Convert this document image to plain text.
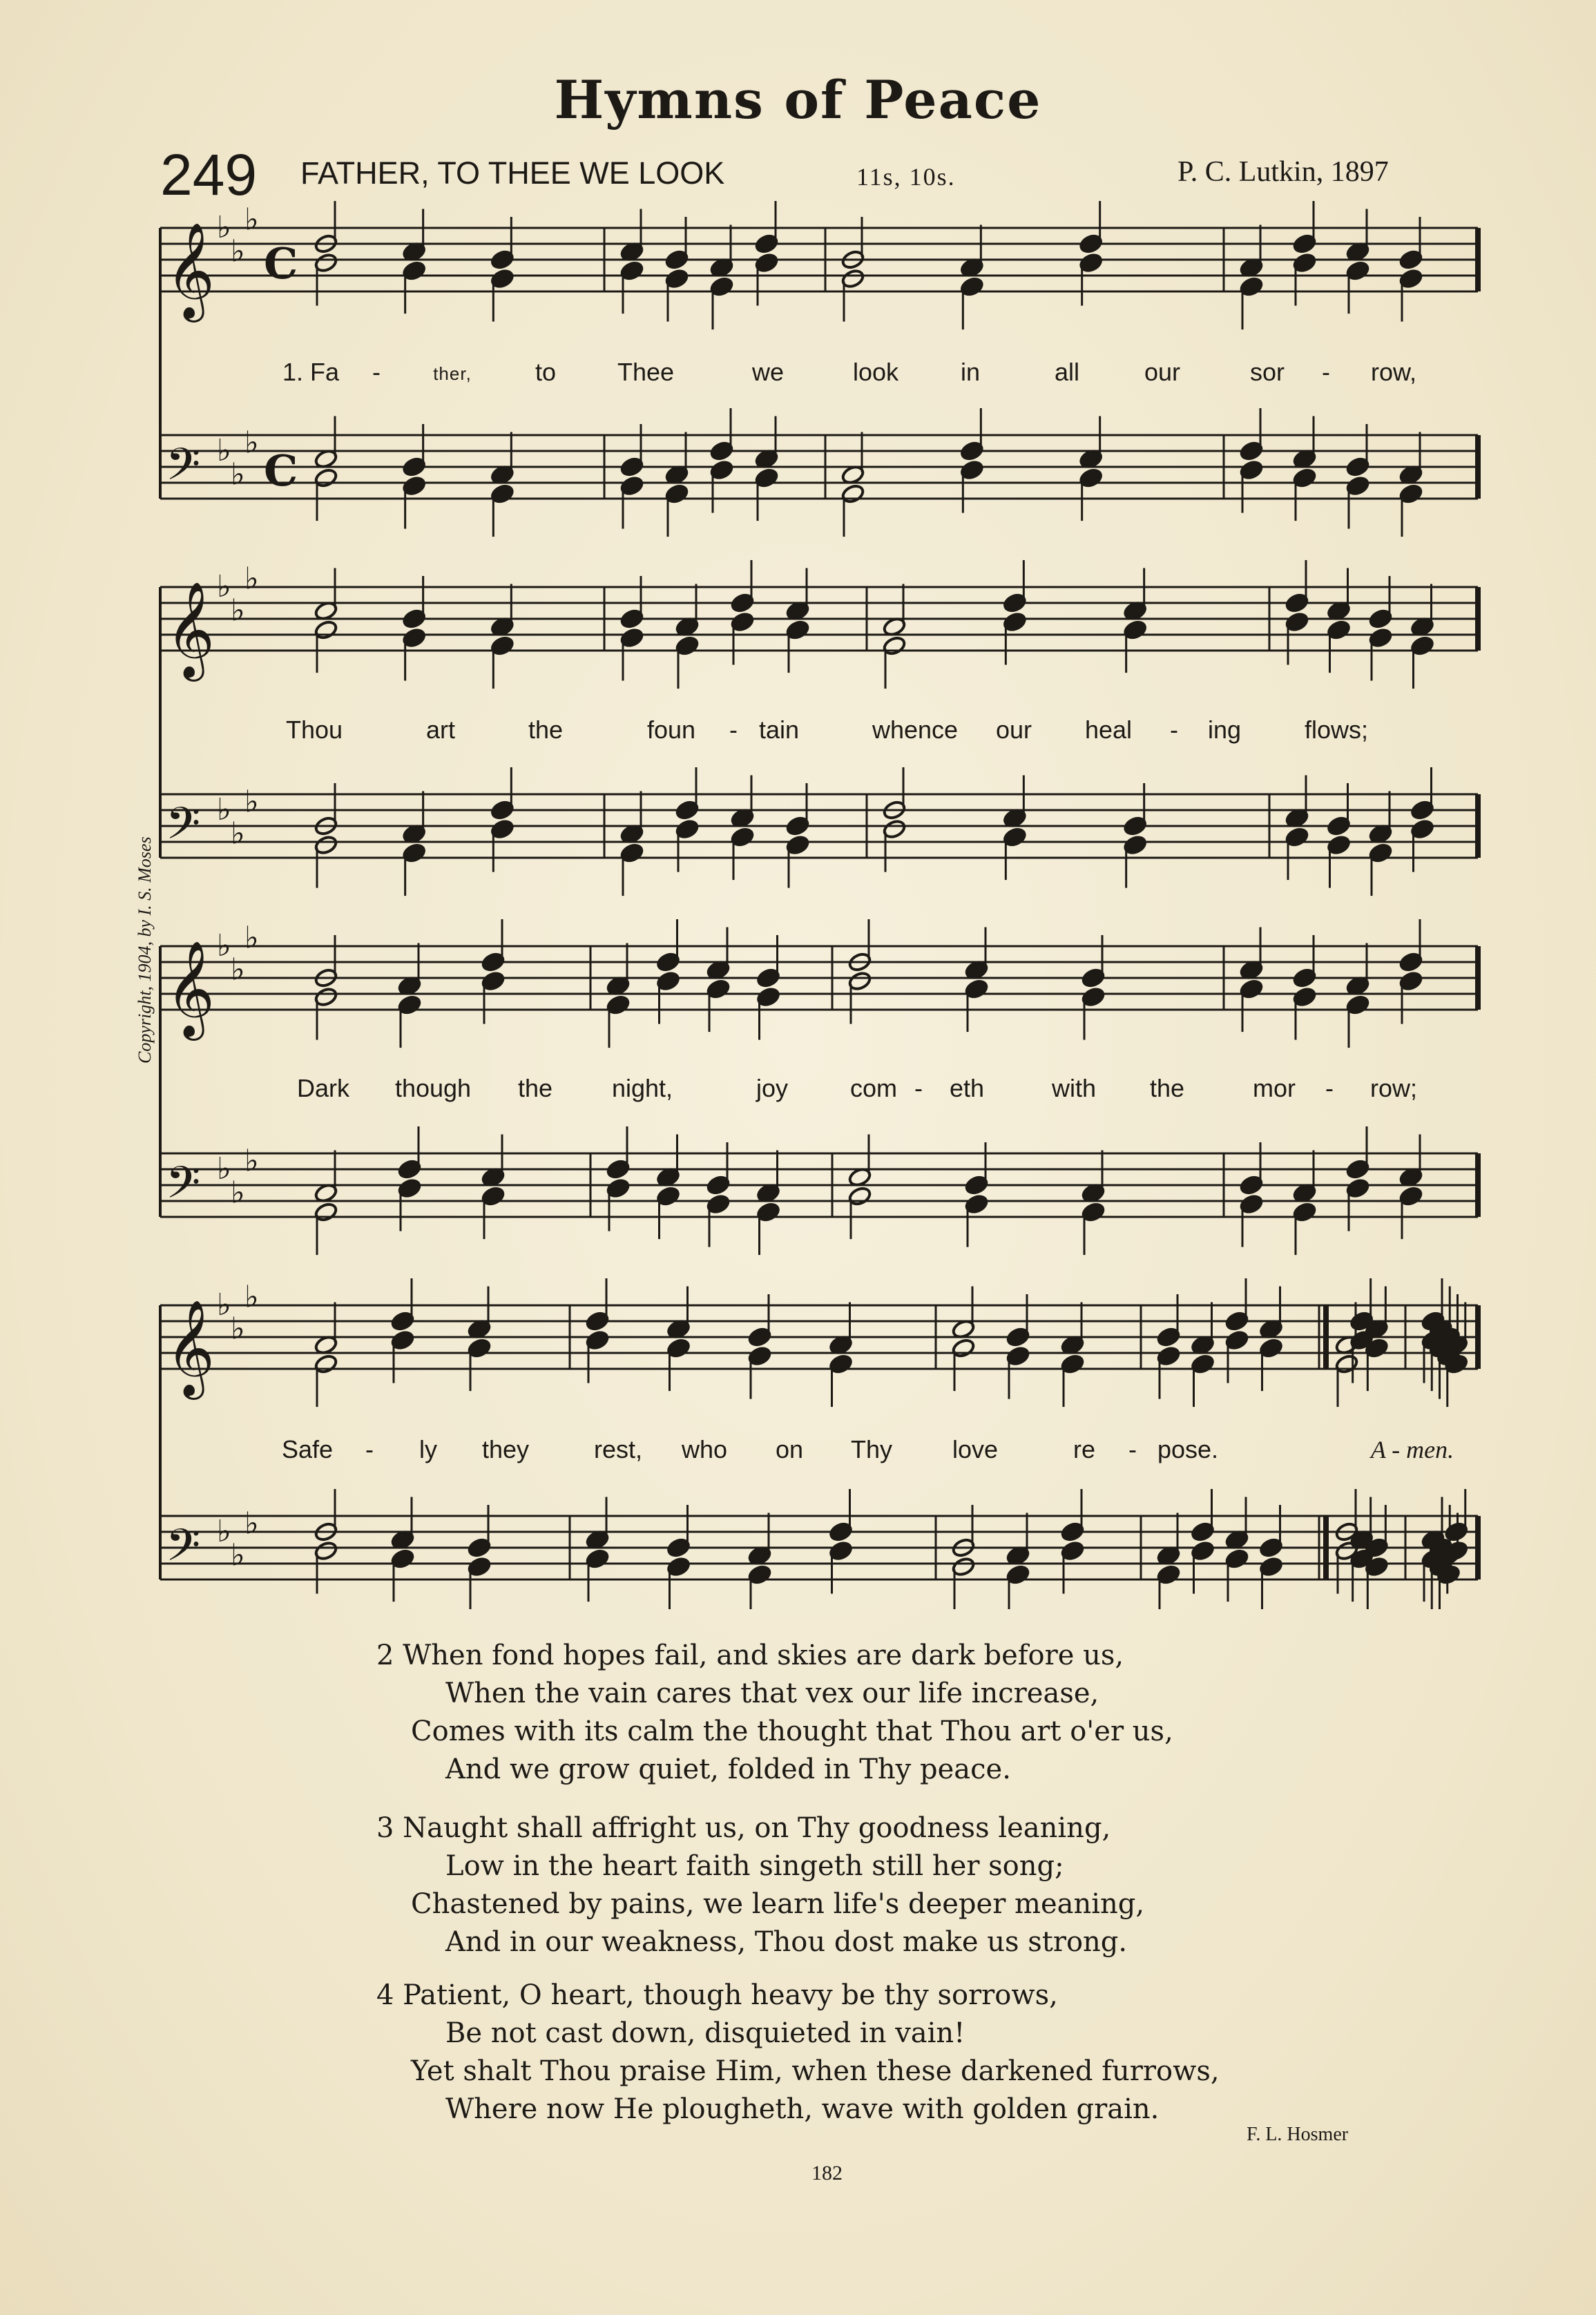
Hymns of Peace
249 FATHER, TO THEE WE LOOK	11s, 10s.	P. C. Lutkin, 1897
Copyright, 1904, by I. S. Moses
𝄞 ♭
♭
♭
C
𝄢 ♭
♭
♭
C
𝄞 ♭
♭
♭
𝄢 ♭
♭
♭
𝄞 ♭
♭
♭
𝄢 ♭
♭
♭
𝄞 ♭
♭
♭
𝄢 ♭
♭
♭
1. Fa -	ther,	to Thee	we	look in	all	our	sor - row,
Thou	art	the	foun - tain	whence our heal - ing	flows;
Dark though the night,	joy com - eth	with the	mor - row;
Safe - ly they	rest, who on Thy love	re - pose.	A - men.
2 When fond hopes fail, and skies are dark before us,
When the vain cares that vex our life increase,
Comes with its calm the thought that Thou art o'er us,
And we grow quiet, folded in Thy peace.
3 Naught shall affright us, on Thy goodness leaning,
Low in the heart faith singeth still her song;
Chastened by pains, we learn life's deeper meaning,
And in our weakness, Thou dost make us strong.
4 Patient, O heart, though heavy be thy sorrows,
Be not cast down, disquieted in vain!
Yet shalt Thou praise Him, when these darkened furrows,
Where now He plougheth, wave with golden grain.
F. L. Hosmer
182
